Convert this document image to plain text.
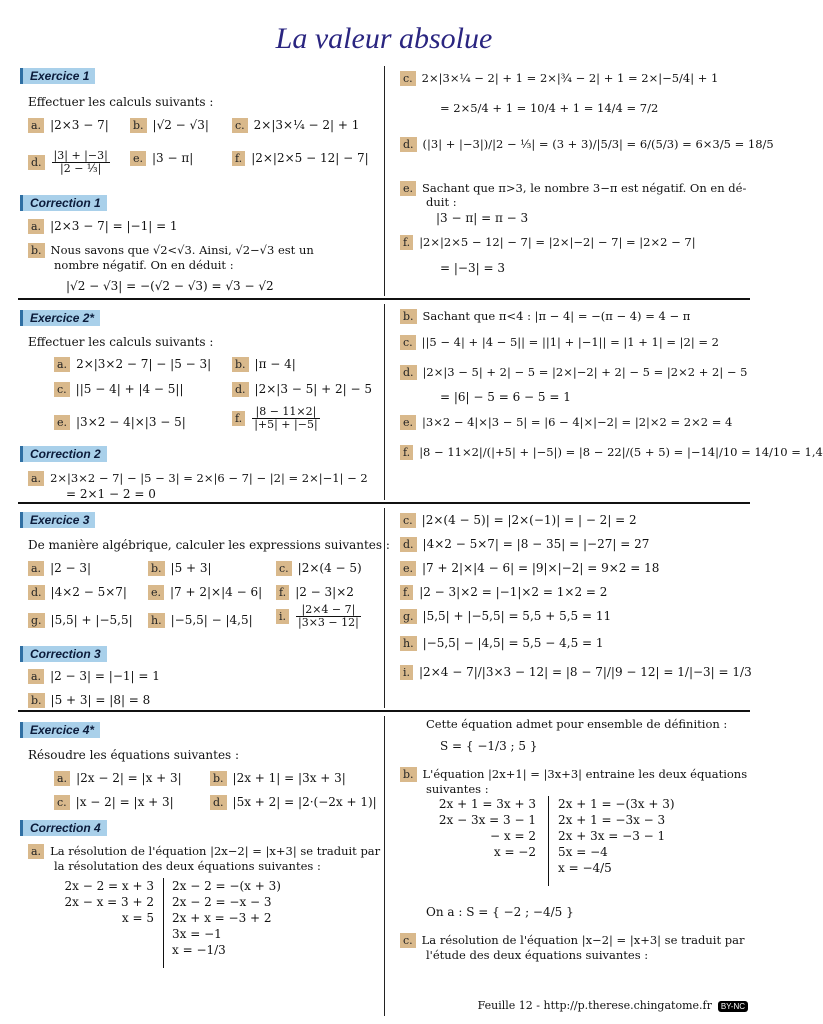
La valeur absolue
Exercice 1
Effectuer les calculs suivants :
a. |2×3 − 7| b. |√2 − √3| c. 2×|3×¼ − 2| + 1
d. $\frac{|3| + |-3|}{\text{|2 − ⅓|}} e$. |3 − π|	f. |2×|2×5 − 12| − 7|
Correction 1
a. |2×3 − 7| = |−1| = 1
b. Nous savons que √2<√3. Ainsi, √2−√3 est un
nombre négatif. On en déduit :
|√2 − √3| = −(√2 − √3) = √3 − √2
c. 2×|3×¼ − 2| + 1 = 2×|¾ − 2| + 1 = 2×|−5/4| + 1
= 2×5/4 + 1 = 10/4 + 1 = 14/4 = 7/2
d. (|3| + |−3|)/|2 − ⅓| = (3 + 3)/|5/3| = 6/(5/3) = 6×3/5 = 18/5
e. Sachant que π>3, le nombre 3−π est négatif. On en dé-
duit :
|3 − π| = π − 3
f. |2×|2×5 − 12| − 7| = |2×|−2| − 7| = |2×2 − 7|
= |−3| = 3
Exercice 2*
Effectuer les calculs suivants :
a. 2×|3×2 − 7| − |5 − 3| b. |π − 4|
c. ||5 − 4| + |4 − 5||	d. |2×|3 − 5| + 2| − 5
e. |3×2 − 4|×|3 − 5|	f. $\frac{|8 - 11\times 2|}{|+5| + |-5|}$
Correction 2
a. 2×|3×2 − 7| − |5 − 3| = 2×|6 − 7| − |2| = 2×|−1| − 2
= 2×1 − 2 = 0
b. Sachant que π<4 : |π − 4| = −(π − 4) = 4 − π
c. ||5 − 4| + |4 − 5|| = ||1| + |−1|| = |1 + 1| = |2| = 2
d. |2×|3 − 5| + 2| − 5 = |2×|−2| + 2| − 5 = |2×2 + 2| − 5
= |6| − 5 = 6 − 5 = 1
e. |3×2 − 4|×|3 − 5| = |6 − 4|×|−2| = |2|×2 = 2×2 = 4
f. |8 − 11×2|/(|+5| + |−5|) = |8 − 22|/(5 + 5) = |−14|/10 = 14/10 = 1,4
Exercice 3
De manière algébrique, calculer les expressions suivantes :
a. |2 − 3|	b. |5 + 3|	c. |2×(4 − 5)
d. |4×2 − 5×7| e. |7 + 2|×|4 − 6| f. |2 − 3|×2
g. |5,5| + |−5,5| h. |−5,5| − |4,5| i. $\frac{|2\times 4 - 7|}{|3\times 3 - 12|}$
Correction 3
a. |2 − 3| = |−1| = 1
b. |5 + 3| = |8| = 8
c. |2×(4 − 5)| = |2×(−1)| = | − 2| = 2
d. |4×2 − 5×7| = |8 − 35| = |−27| = 27
e. |7 + 2|×|4 − 6| = |9|×|−2| = 9×2 = 18
f. |2 − 3|×2 = |−1|×2 = 1×2 = 2
g. |5,5| + |−5,5| = 5,5 + 5,5 = 11
h. |−5,5| − |4,5| = 5,5 − 4,5 = 1
i. |2×4 − 7|/|3×3 − 12| = |8 − 7|/|9 − 12| = 1/|−3| = 1/3
Exercice 4*
Résoudre les équations suivantes :
a. |2x − 2| = |x + 3|	b. |2x + 1| = |3x + 3|
c. |x − 2| = |x + 3|	d. |5x + 2| = |2·(−2x + 1)|
Correction 4
a. La résolution de l'équation |2x−2| = |x+3| se traduit par
la résolutation des deux équations suivantes :
2x − 2 = x + 3
2x − x = 3 + 2
x = 5
2x − 2 = −(x + 3)
2x − 2 = −x − 3
2x + x = −3 + 2
3x = −1
x = −1/3
Cette équation admet pour ensemble de définition :
S = { −1/3 ; 5 }
b. L'équation |2x+1| = |3x+3| entraine les deux équations
suivantes :
2x + 1 = 3x + 3
2x − 3x = 3 − 1
− x = 2
x = −2
2x + 1 = −(3x + 3)
2x + 1 = −3x − 3
2x + 3x = −3 − 1
5x = −4
x = −4/5
On a : S = { −2 ; −4/5 }
c. La résolution de l'équation |x−2| = |x+3| se traduit par
l'étude des deux équations suivantes :
Feuille 12 - http://p.therese.chingatome.fr BY-NC
